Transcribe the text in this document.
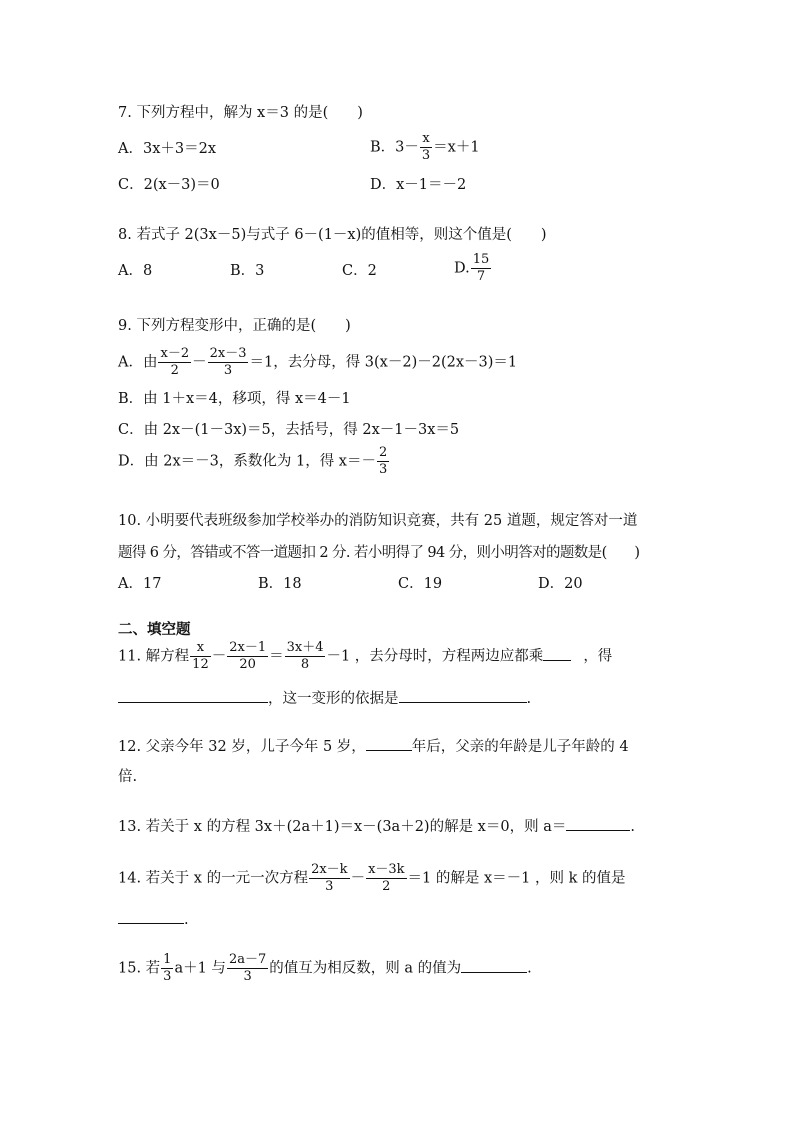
7. 下列方程中，解为 x＝3 的是(　　)
A．3x＋3＝2x	B．$3- \frac{x}{3} =x+1$
C．2(x－3)＝0	D．x－1＝－2
8. 若式子 2(3x－5)与式子 6－(1－x)的值相等，则这个值是(　　)
A．8	B．3	C．2	D. $\frac{15}{7}$
9. 下列方程变形中，正确的是(　　)
A．由 $\frac{x-2}{2} - \frac{2x-3}{3} =1$，去分母，得 3(x－2)－2(2x－3)＝1
B．由 1＋x＝4，移项，得 x＝4－1
C．由 2x－(1－3x)＝5，去括号，得 2x－1－3x＝5
D．由 2x＝－3，系数化为 1，得 $x=- \frac{2}{3}$
10. 小明要代表班级参加学校举办的消防知识竞赛，共有 25 道题，规定答对一道
题得 6 分，答错或不答一道题扣 2 分. 若小明得了 94 分，则小明答对的题数是(　　)
A．17	B．18	C．19	D．20
二、填空题
11. 解方程 $\frac{x}{12} - \frac{2x-1}{20} = \frac{3x+4}{8} -1$ ，去分母时，方程两边应都乘	，得
，这一变形的依据是	.
12. 父亲今年 32 岁，儿子今年 5 岁，	年后，父亲的年龄是儿子年龄的 4
倍.
13. 若关于 x 的方程 3x＋(2a＋1)＝x－(3a＋2)的解是 x＝0，则 a＝	.
14. 若关于 x 的一元一次方程 $\frac{2x-k}{3} - \frac{x-3k}{2} =1$ 的解是 x＝－1 ，则 k 的值是
.
15. 若 $\frac{1}{3} a+1$ 与 $\frac{2a-7}{3}$ 的值互为相反数，则 a 的值为	.
